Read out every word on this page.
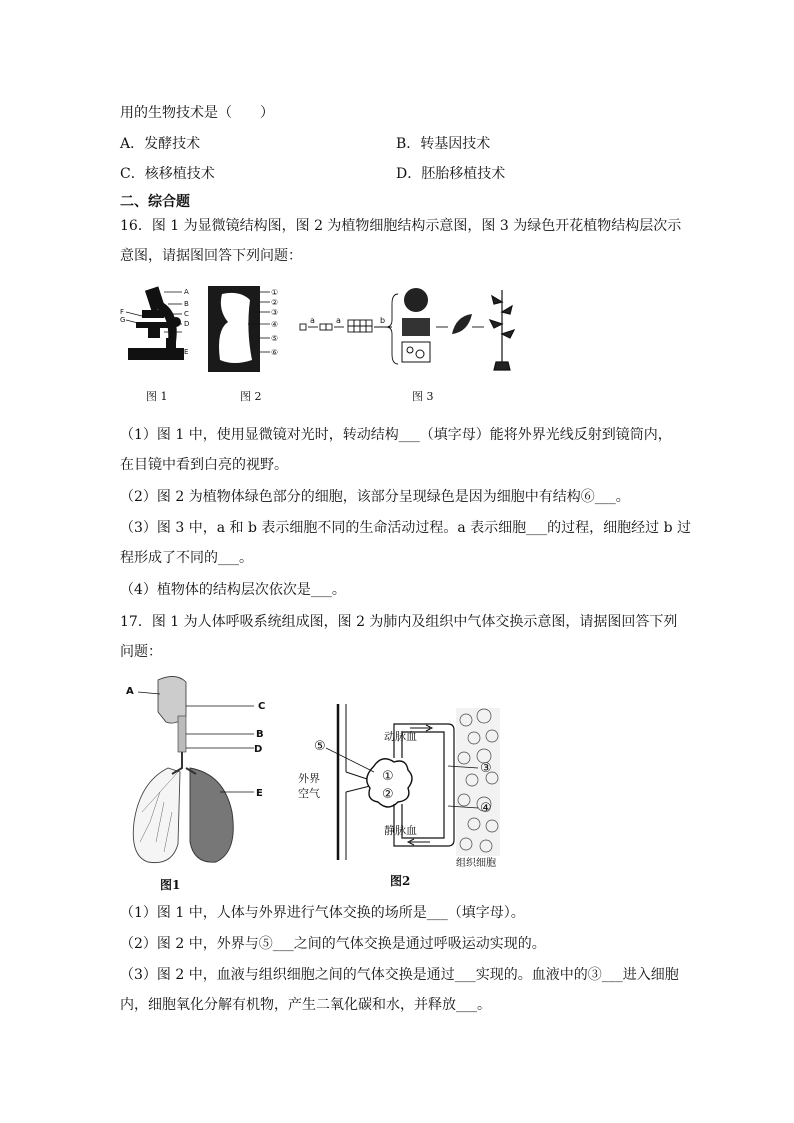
用的生物技术是（　　）
A．发酵技术	B．转基因技术
C．核移植技术	D．胚胎移植技术
二、综合题
16．图 1 为显微镜结构图，图 2 为植物细胞结构示意图，图 3 为绿色开花植物结构层次示
意图，请据图回答下列问题：
A
B
C
D
E
F
G
图 1
①
②
③
④
⑤
⑥
图 2
a	a	b
图 3
（1）图 1 中，使用显微镜对光时，转动结构___（填字母）能将外界光线反射到镜筒内，
在目镜中看到白亮的视野。
（2）图 2 为植物体绿色部分的细胞，该部分呈现绿色是因为细胞中有结构⑥___。
（3）图 3 中，a 和 b 表示细胞不同的生命活动过程。a 表示细胞___的过程，细胞经过 b 过
程形成了不同的___。
（4）植物体的结构层次依次是___。
17．图 1 为人体呼吸系统组成图，图 2 为肺内及组织中气体交换示意图，请据图回答下列
问题：
A
C
B
D
E
图1
动脉血
静脉血
外界
空气
组织细胞
⑤
①
②
③
④
图2
（1）图 1 中，人体与外界进行气体交换的场所是___（填字母）。
（2）图 2 中，外界与⑤___之间的气体交换是通过呼吸运动实现的。
（3）图 2 中，血液与组织细胞之间的气体交换是通过___实现的。血液中的③___进入细胞
内，细胞氧化分解有机物，产生二氧化碳和水，并释放___。
